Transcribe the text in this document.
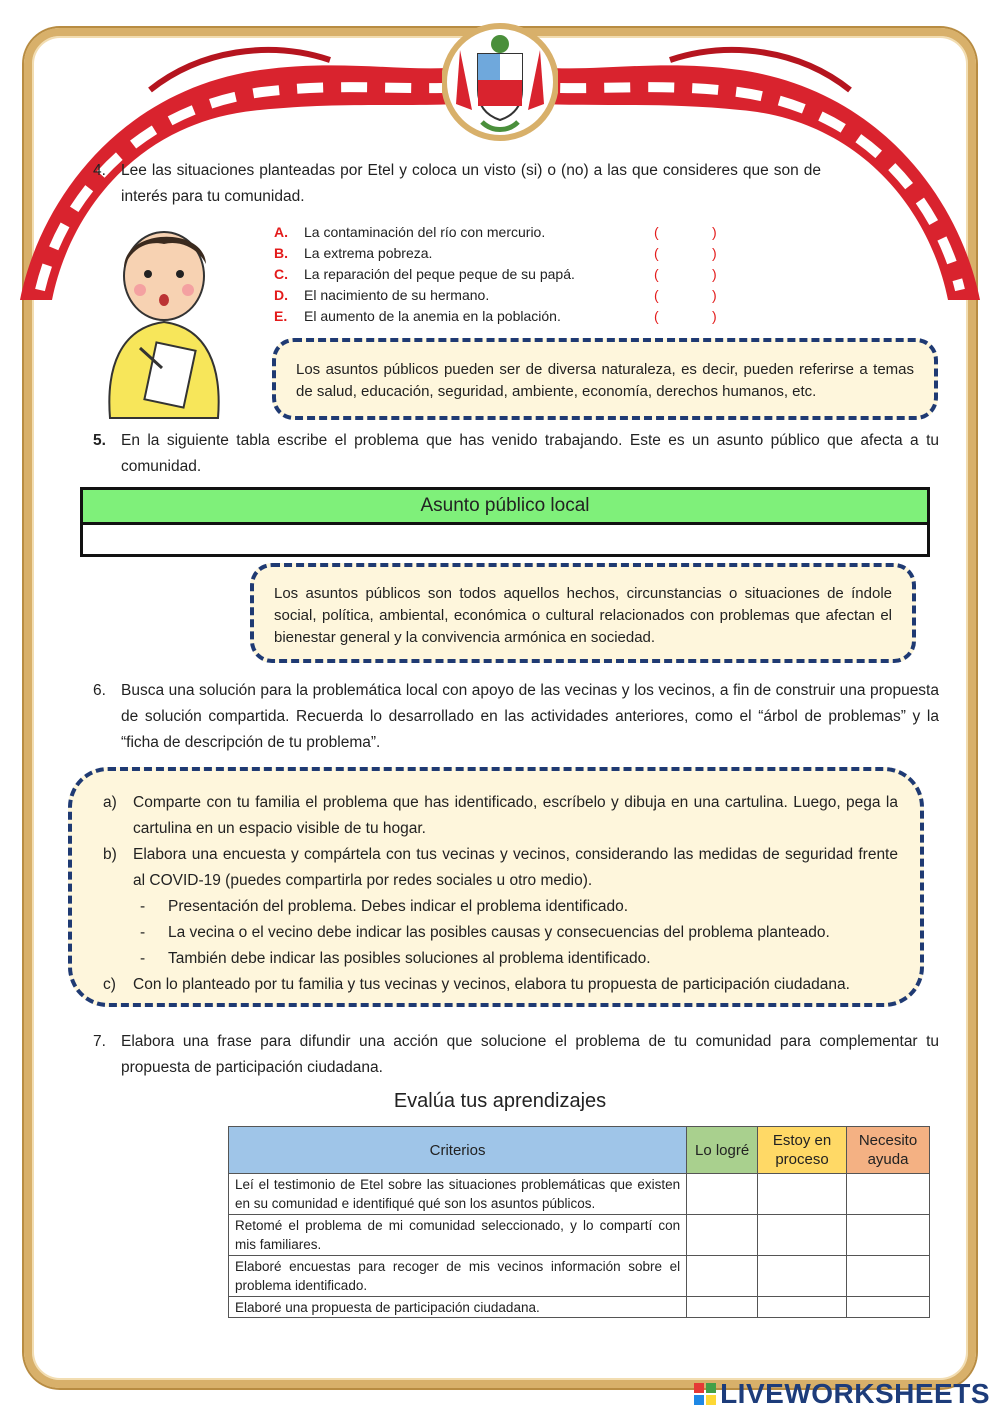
4. Lee las situaciones planteadas por Etel y coloca un visto (si) o (no) a las que consideres que son de interés para tu comunidad.
A. La contaminación del río con mercurio.	(	)
B. La extrema pobreza.	(	)
C. La reparación del peque peque de su papá.	(	)
D. El nacimiento de su hermano.	(	)
E. El aumento de la anemia en la población.	(	)
Los asuntos públicos pueden ser de diversa naturaleza, es decir, pueden referirse a temas de salud, educación, seguridad, ambiente, economía, derechos humanos, etc.
5. En la siguiente tabla escribe el problema que has venido trabajando. Este es un asunto público que afecta a tu comunidad.
Asunto público local
Los asuntos públicos son todos aquellos hechos, circunstancias o situaciones de índole social, política, ambiental, económica o cultural relacionados con problemas que afectan el bienestar general y la convivencia armónica en sociedad.
6. Busca una solución para la problemática local con apoyo de las vecinas y los vecinos, a fin de construir una propuesta de solución compartida. Recuerda lo desarrollado en las actividades anteriores, como el “árbol de problemas” y la “ficha de descripción de tu problema”.
a) Comparte con tu familia el problema que has identificado, escríbelo y dibuja en una cartulina. Luego, pega la cartulina en un espacio visible de tu hogar.
b) Elabora una encuesta y compártela con tus vecinas y vecinos, considerando las medidas de seguridad frente al COVID-19 (puedes compartirla por redes sociales u otro medio).
- Presentación del problema. Debes indicar el problema identificado.
- La vecina o el vecino debe indicar las posibles causas y consecuencias del problema planteado.
- También debe indicar las posibles soluciones al problema identificado.
c) Con lo planteado por tu familia y tus vecinas y vecinos, elabora tu propuesta de participación ciudadana.
7. Elabora una frase para difundir una acción que solucione el problema de tu comunidad para complementar tu propuesta de participación ciudadana.
Evalúa tus aprendizajes
Criterios	Lo logré	Estoy en proceso	Necesito ayuda
Leí el testimonio de Etel sobre las situaciones problemáticas que existen en su comunidad e identifiqué qué son los asuntos públicos.			
Retomé el problema de mi comunidad seleccionado, y lo compartí con mis familiares.			
Elaboré encuestas para recoger de mis vecinos información sobre el problema identificado.			
Elaboré una propuesta de participación ciudadana.			
LIVEWORKSHEETS
